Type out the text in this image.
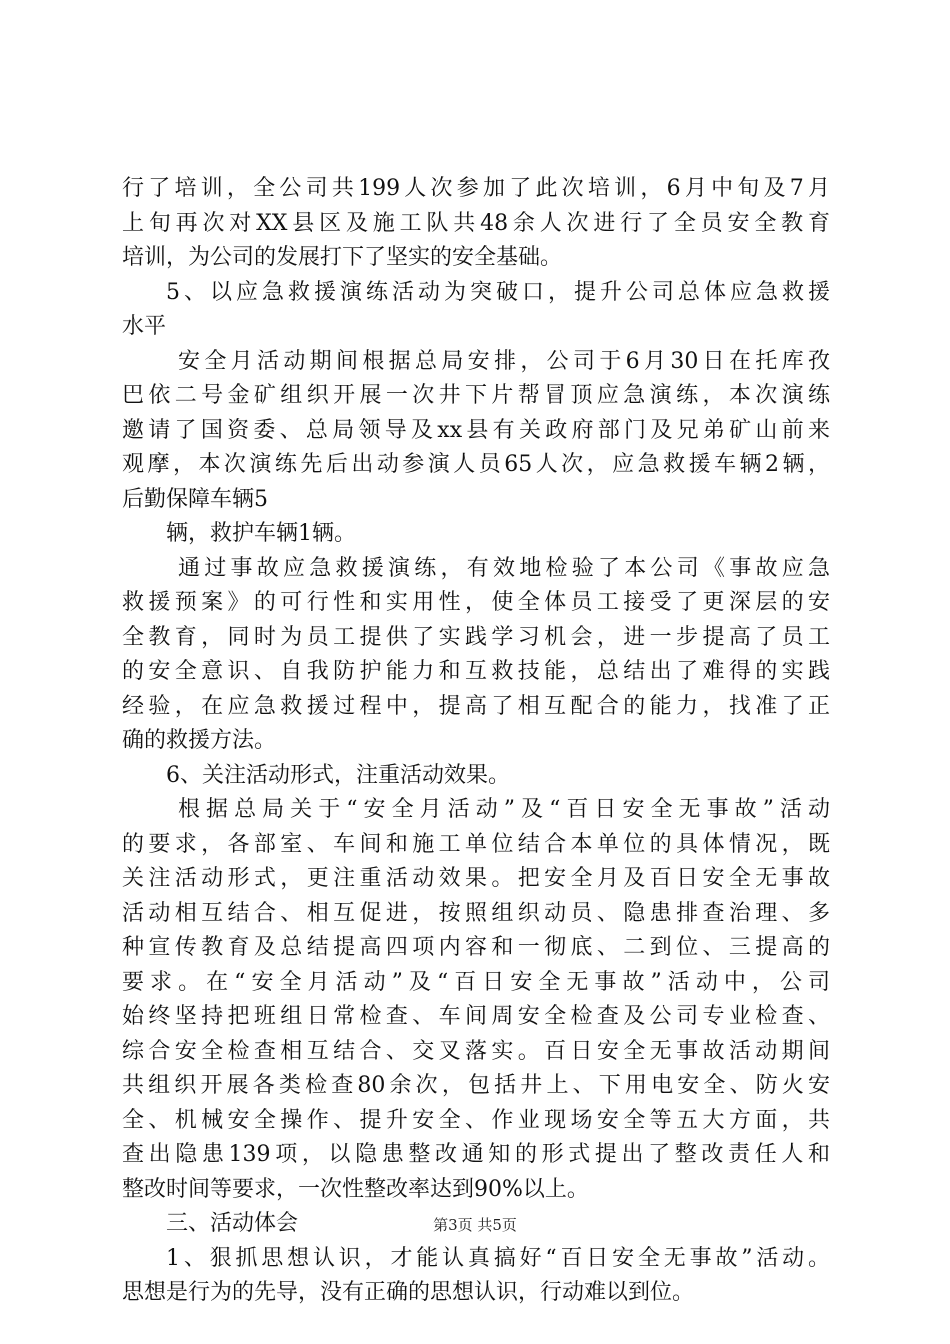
行了培训，全公司共199人次参加了此次培训，6月中旬及7月
上旬再次对XX县区及施工队共48余人次进行了全员安全教育
培训，为公司的发展打下了坚实的安全基础。
5、以应急救援演练活动为突破口，提升公司总体应急救援
水平
安全月活动期间根据总局安排，公司于6月30日在托库孜
巴依二号金矿组织开展一次井下片帮冒顶应急演练，本次演练
邀请了国资委、总局领导及xx县有关政府部门及兄弟矿山前来
观摩，本次演练先后出动参演人员65人次，应急救援车辆2辆，
后勤保障车辆5
辆，救护车辆1辆。
通过事故应急救援演练，有效地检验了本公司《事故应急
救援预案》的可行性和实用性，使全体员工接受了更深层的安
全教育，同时为员工提供了实践学习机会，进一步提高了员工
的安全意识、自我防护能力和互救技能，总结出了难得的实践
经验，在应急救援过程中，提高了相互配合的能力，找准了正
确的救援方法。
6、关注活动形式，注重活动效果。
根据总局关于“安全月活动”及“百日安全无事故”活动
的要求，各部室、车间和施工单位结合本单位的具体情况，既
关注活动形式，更注重活动效果。把安全月及百日安全无事故
活动相互结合、相互促进，按照组织动员、隐患排查治理、多
种宣传教育及总结提高四项内容和一彻底、二到位、三提高的
要求。在“安全月活动”及“百日安全无事故”活动中，公司
始终坚持把班组日常检查、车间周安全检查及公司专业检查、
综合安全检查相互结合、交叉落实。百日安全无事故活动期间
共组织开展各类检查80余次，包括井上、下用电安全、防火安
全、机械安全操作、提升安全、作业现场安全等五大方面，共
查出隐患139项，以隐患整改通知的形式提出了整改责任人和
整改时间等要求，一次性整改率达到90%以上。
三、活动体会
1、狠抓思想认识，才能认真搞好“百日安全无事故”活动。
思想是行为的先导，没有正确的思想认识，行动难以到位。
第3页 共5页
